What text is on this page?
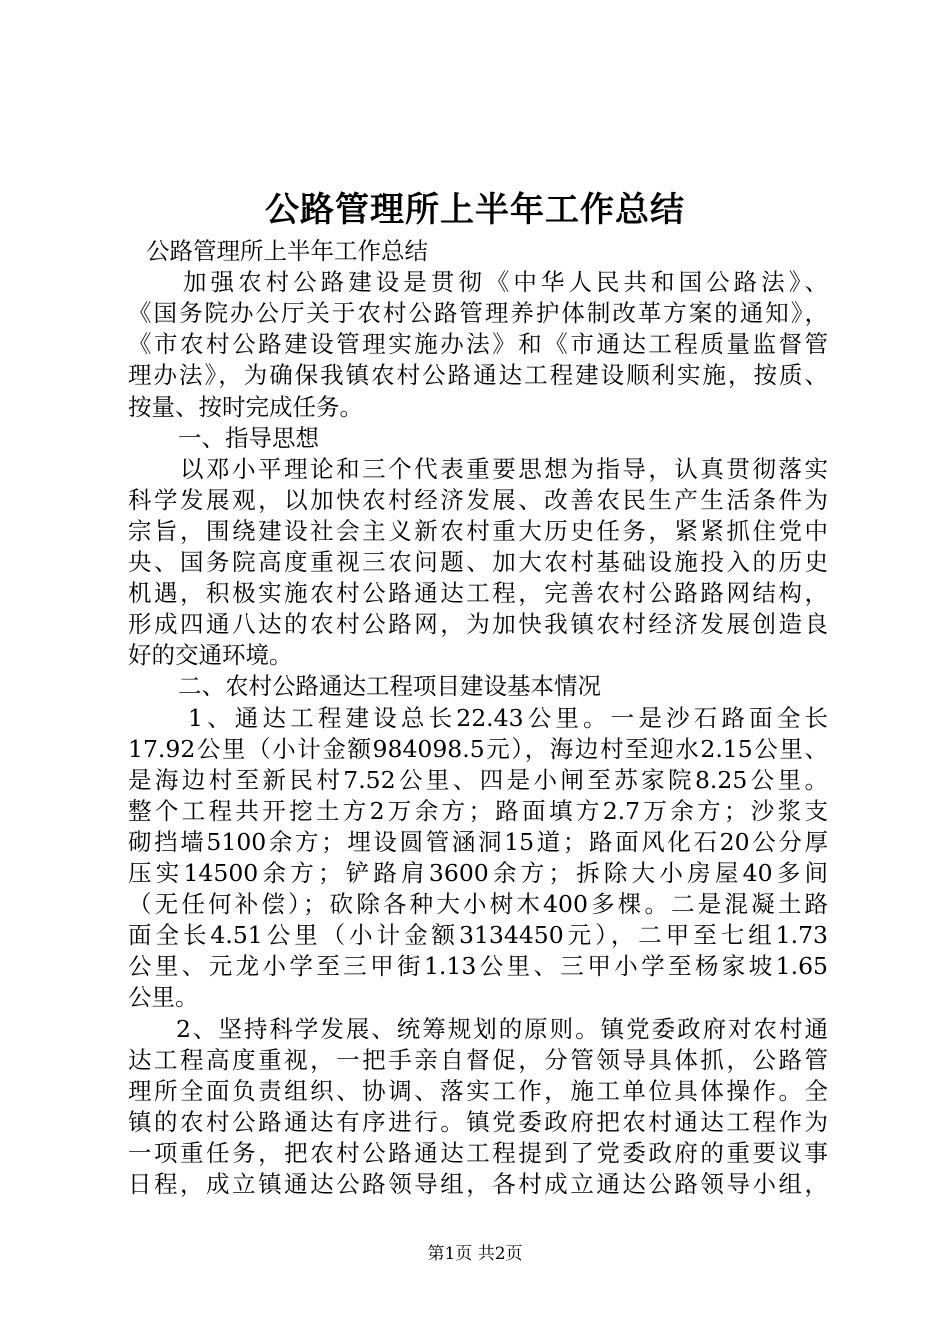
公路管理所上半年工作总结
公路管理所上半年工作总结
加强农村公路建设是贯彻《中华人民共和国公路法》、
《国务院办公厅关于农村公路管理养护体制改革方案的通知》，
《市农村公路建设管理实施办法》和《市通达工程质量监督管
理办法》，为确保我镇农村公路通达工程建设顺利实施，按质、
按量、按时完成任务。
一、指导思想
以邓小平理论和三个代表重要思想为指导，认真贯彻落实
科学发展观，以加快农村经济发展、改善农民生产生活条件为
宗旨，围绕建设社会主义新农村重大历史任务，紧紧抓住党中
央、国务院高度重视三农问题、加大农村基础设施投入的历史
机遇，积极实施农村公路通达工程，完善农村公路路网结构，
形成四通八达的农村公路网，为加快我镇农村经济发展创造良
好的交通环境。
二、农村公路通达工程项目建设基本情况
1、通达工程建设总长22.43公里。一是沙石路面全长
17.92公里（小计金额984098.5元），海边村至迎水2.15公里、
是海边村至新民村7.52公里、四是小闸至苏家院8.25公里。
整个工程共开挖土方2万余方；路面填方2.7万余方；沙浆支
砌挡墙5100余方；埋设圆管涵洞15道；路面风化石20公分厚
压实14500余方；铲路肩3600余方；拆除大小房屋40多间
（无任何补偿）；砍除各种大小树木400多棵。二是混凝土路
面全长4.51公里（小计金额3134450元），二甲至七组1.73
公里、元龙小学至三甲街1.13公里、三甲小学至杨家坡1.65
公里。
2、坚持科学发展、统筹规划的原则。镇党委政府对农村通
达工程高度重视，一把手亲自督促，分管领导具体抓，公路管
理所全面负责组织、协调、落实工作，施工单位具体操作。全
镇的农村公路通达有序进行。镇党委政府把农村通达工程作为
第1页 共2页
一项重任务，把农村公路通达工程提到了党委政府的重要议事
日程，成立镇通达公路领导组，各村成立通达公路领导小组，
